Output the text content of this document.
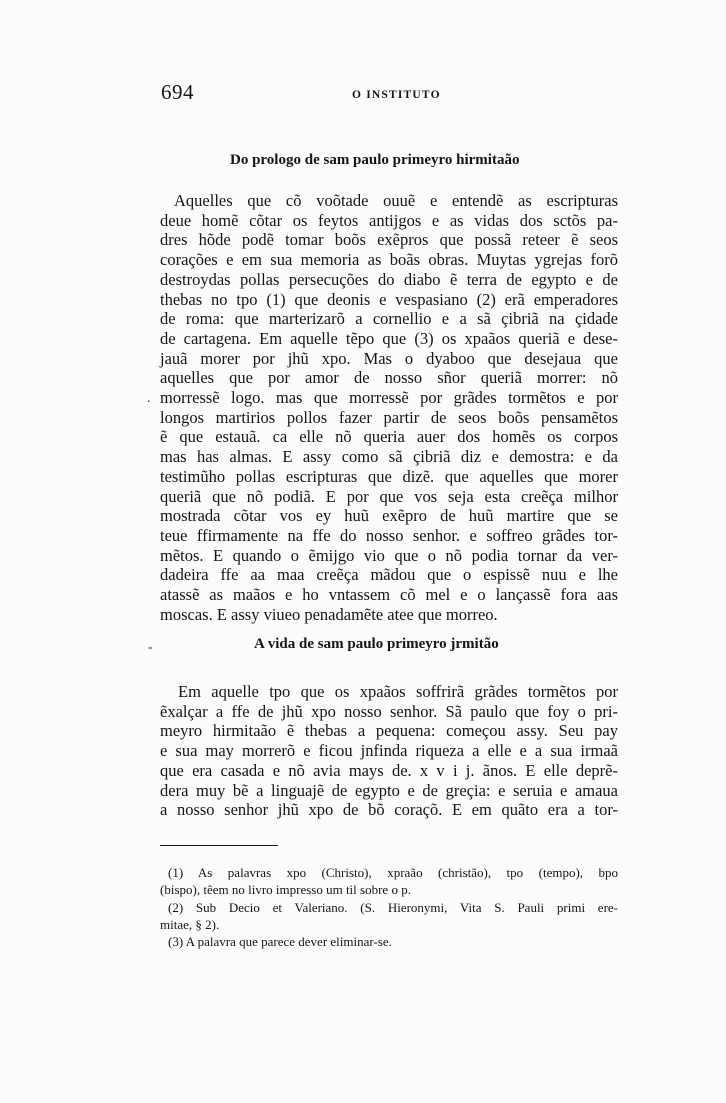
694	O INSTITUTO
Do prologo de sam paulo primeyro hirmitaão
Aquelles que cõ voõtade ouuẽ e entendẽ as escripturas
deue homẽ cõtar os feytos antijgos e as vidas dos sctõs pa-
dres hõde podẽ tomar boõs exẽpros que possã reteer ẽ seos
corações e em sua memoria as boãs obras. Muytas ygrejas forõ
destroydas pollas persecuções do diabo ẽ terra de egypto e de
thebas no tpo (1) que deonis e vespasiano (2) erã emperadores
de roma: que marterizarõ a cornellio e a sã çibriã na çidade
de cartagena. Em aquelle tẽpo que (3) os xpaãos queriã e dese-
jauã morer por jhũ xpo. Mas o dyaboo que desejaua que
aquelles que por amor de nosso sñor queriã morrer: nõ
morressẽ logo. mas que morressẽ por grãdes tormẽtos e por
longos martirios pollos fazer partir de seos boõs pensamẽtos
ẽ que estauã. ca elle nõ queria auer dos homẽs os corpos
mas has almas. E assy como sã çibriã diz e demostra: e da
testimũho pollas escripturas que dizẽ. que aquelles que morer
queriã que nõ podiã. E por que vos seja esta creẽça milhor
mostrada cõtar vos ey huũ exẽpro de huũ martire que se
teue ffirmamente na ffe do nosso senhor. e soffreo grãdes tor-
mẽtos. E quando o ẽmijgo vio que o nõ podia tornar da ver-
dadeira ffe aa maa creẽça mãdou que o espissẽ nuu e lhe
atassẽ as maãos e ho vntassem cõ mel e o lançassẽ fora aas
moscas. E assy viueo penadamẽte atee que morreo.
.
-	A vida de sam paulo primeyro jrmitão
Em aquelle tpo que os xpaãos soffrirã grãdes tormẽtos por
ẽxalçar a ffe de jhũ xpo nosso senhor. Sã paulo que foy o pri-
meyro hirmitaão ẽ thebas a pequena: começou assy. Seu pay
e sua may morrerõ e ficou jnfinda riqueza a elle e a sua irmaã
que era casada e nõ avia mays de. x v i j. ãnos. E elle deprẽ-
dera muy bẽ a linguajẽ de egypto e de greçia: e seruia e amaua
a nosso senhor jhũ xpo de bõ coraçõ. E em quãto era a tor-
(1) As palavras xpo (Christo), xpraão (christão), tpo (tempo), bpo
(bispo), têem no livro impresso um til sobre o p.
(2) Sub Decio et Valeriano. (S. Hieronymi, Vita S. Pauli primi ere-
mitae, § 2).
(3) A palavra que parece dever eliminar-se.
